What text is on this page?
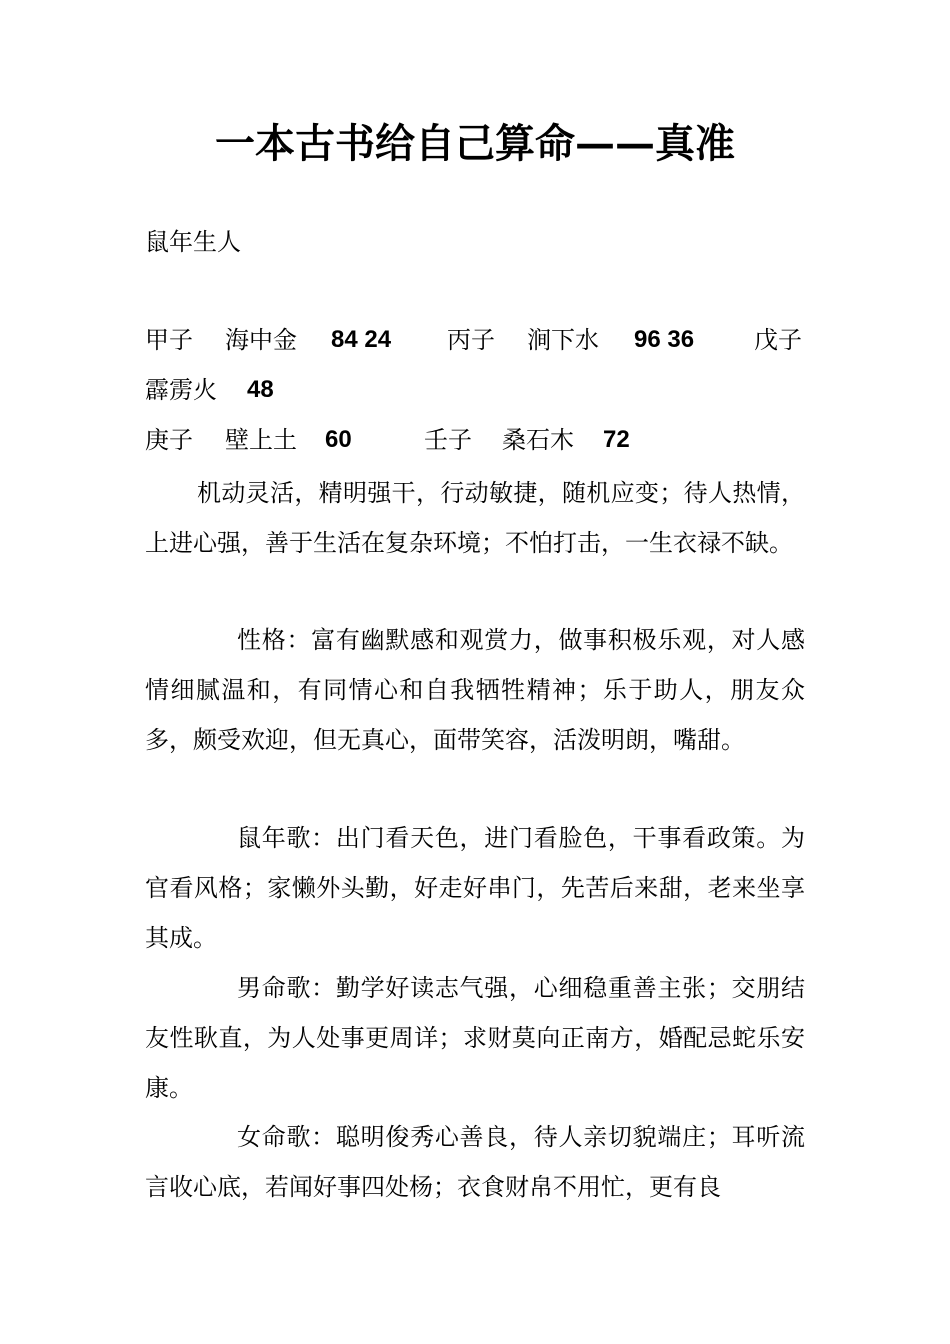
一本古书给自己算命——真准

鼠年生人

甲子 海中金 84 24 丙子 涧下水 96 36 戊子
霹雳火 48
庚子 壁上土 60	壬子 桑石木 72

机动灵活，精明强干，行动敏捷，随机应变；待人热情，上进心强，善于生活在复杂环境；不怕打击，一生衣禄不缺。

性格：富有幽默感和观赏力，做事积极乐观，对人感情细腻温和，有同情心和自我牺牲精神；乐于助人，朋友众多，颇受欢迎，但无真心，面带笑容，活泼明朗，嘴甜。

鼠年歌：出门看天色，进门看脸色，干事看政策。为官看风格；家懒外头勤，好走好串门，先苦后来甜，老来坐享其成。

男命歌：勤学好读志气强，心细稳重善主张；交朋结友性耿直，为人处事更周详；求财莫向正南方，婚配忌蛇乐安康。

女命歌：聪明俊秀心善良，待人亲切貌端庄；耳听流言收心底，若闻好事四处杨；衣食财帛不用忙，更有良
